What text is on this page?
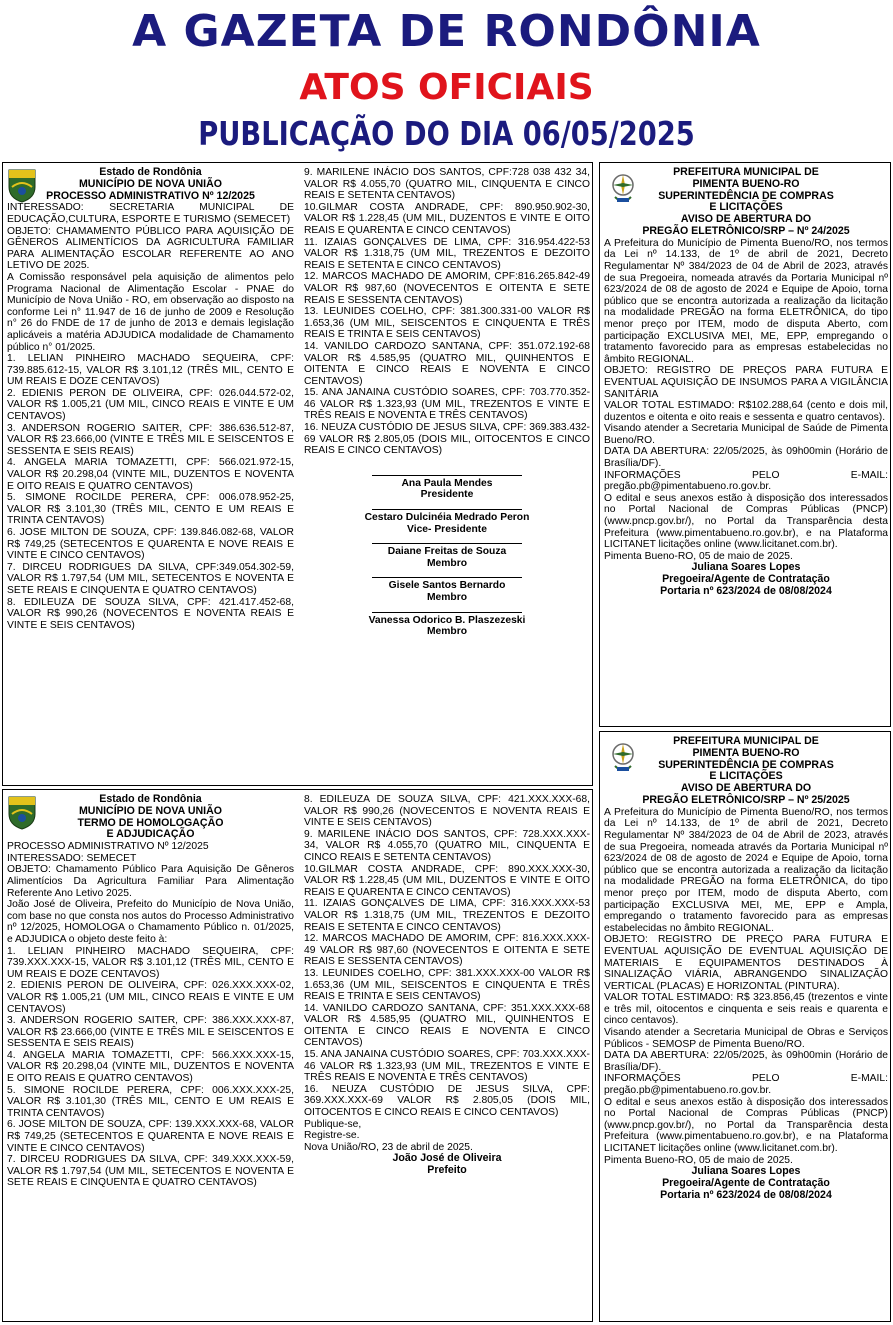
A GAZETA DE RONDÔNIA
ATOS OFICIAIS
PUBLICAÇÃO DO DIA 06/05/2025
Estado de Rondônia
MUNICÍPIO DE NOVA UNIÃO
PROCESSO ADMINISTRATIVO Nº 12/2025

INTERESSADO: SECRETARIA MUNICIPAL DE EDUCAÇÃO,CULTURA, ESPORTE E TURISMO (SEMECET)

OBJETO: CHAMAMENTO PÚBLICO PARA AQUISIÇÃO DE GÊNEROS ALIMENTÍCIOS DA AGRICULTURA FAMILIAR PARA ALIMENTAÇÃO ESCOLAR REFERENTE AO ANO LETIVO DE 2025.

A Comissão responsável pela aquisição de alimentos pelo Programa Nacional de Alimentação Escolar - PNAE do Município de Nova União - RO, em observação ao disposto na conforme Lei n° 11.947 de 16 de junho de 2009 e Resolução n° 26 do FNDE de 17 de junho de 2013 e demais legislação aplicáveis a matéria ADJUDICA modalidade de Chamamento público n° 01/2025.

1. LELIAN PINHEIRO MACHADO SEQUEIRA, CPF: 739.885.612-15, VALOR R$ 3.101,12 (TRÊS MIL, CENTO E UM REAIS E DOZE CENTAVOS)

2. EDIENIS PERON DE OLIVEIRA, CPF: 026.044.572-02, VALOR R$ 1.005,21 (UM MIL, CINCO REAIS E VINTE E UM CENTAVOS)

3. ANDERSON ROGERIO SAITER, CPF: 386.636.512-87, VALOR R$ 23.666,00 (VINTE E TRÊS MIL E SEISCENTOS E SESSENTA E SEIS REAIS)

4. ANGELA MARIA TOMAZETTI, CPF: 566.021.972-15, VALOR R$ 20.298,04 (VINTE MIL, DUZENTOS E NOVENTA E OITO REAIS E QUATRO CENTAVOS)

5. SIMONE ROCILDE PERERA, CPF: 006.078.952-25, VALOR R$ 3.101,30 (TRÊS MIL, CENTO E UM REAIS E TRINTA CENTAVOS)

6. JOSE MILTON DE SOUZA, CPF: 139.846.082-68, VALOR R$ 749,25 (SETECENTOS E QUARENTA E NOVE REAIS E VINTE E CINCO CENTAVOS)

7. DIRCEU RODRIGUES DA SILVA, CPF:349.054.302-59, VALOR R$ 1.797,54 (UM MIL, SETECENTOS E NOVENTA E SETE REAIS E CINQUENTA E QUATRO CENTAVOS)

8. EDILEUZA DE SOUZA SILVA, CPF: 421.417.452-68, VALOR R$ 990,26 (NOVECENTOS E NOVENTA REAIS E VINTE E SEIS CENTAVOS)

9. MARILENE INÁCIO DOS SANTOS, CPF:728 038 432 34, VALOR R$ 4.055,70 (QUATRO MIL, CINQUENTA E CINCO REAIS E SETENTA CENTAVOS)

10.GILMAR COSTA ANDRADE, CPF: 890.950.902-30, VALOR R$ 1.228,45 (UM MIL, DUZENTOS E VINTE E OITO REAIS E QUARENTA E CINCO CENTAVOS)

11. IZAIAS GONÇALVES DE LIMA, CPF: 316.954.422-53 VALOR R$ 1.318,75 (UM MIL, TREZENTOS E DEZOITO REAIS E SETENTA E CINCO CENTAVOS)

12. MARCOS MACHADO DE AMORIM, CPF:816.265.842-49 VALOR R$ 987,60 (NOVECENTOS E OITENTA E SETE REAIS E SESSENTA CENTAVOS)

13. LEUNIDES COELHO, CPF: 381.300.331-00 VALOR R$ 1.653,36 (UM MIL, SEISCENTOS E CINQUENTA E TRÊS REAIS E TRINTA E SEIS CENTAVOS)

14. VANILDO CARDOZO SANTANA, CPF: 351.072.192-68 VALOR R$ 4.585,95 (QUATRO MIL, QUINHENTOS E OITENTA E CINCO REAIS E NOVENTA E CINCO CENTAVOS)

15. ANA JANAINA CUSTÓDIO SOARES, CPF: 703.770.352-46 VALOR R$ 1.323,93 (UM MIL, TREZENTOS E VINTE E TRÊS REAIS E NOVENTA E TRÊS CENTAVOS)

16. NEUZA CUSTÓDIO DE JESUS SILVA, CPF: 369.383.432-69 VALOR R$ 2.805,05 (DOIS MIL, OITOCENTOS E CINCO REAIS E CINCO CENTAVOS)

Ana Paula Mendes
Presidente
Cestaro Dulcinéia Medrado Peron
Vice- Presidente
Daiane Freitas de Souza
Membro
Gisele Santos Bernardo
Membro
Vanessa Odorico B. Plaszezeski
Membro
Estado de Rondônia
MUNICÍPIO DE NOVA UNIÃO
TERMO DE HOMOLOGAÇÃO
E ADJUDICAÇÃO

PROCESSO ADMINISTRATIVO Nº 12/2025

INTERESSADO: SEMECET

OBJETO: Chamamento Público Para Aquisição De Gêneros Alimentícios Da Agricultura Familiar Para Alimentação Referente Ano Letivo 2025.

João José de Oliveira, Prefeito do Município de Nova União, com base no que consta nos autos do Processo Administrativo nº 12/2025, HOMOLOGA o Chamamento Público n. 01/2025, e ADJUDICA o objeto deste feito à:

1. LELIAN PINHEIRO MACHADO SEQUEIRA, CPF: 739.XXX.XXX-15, VALOR R$ 3.101,12 (TRÊS MIL, CENTO E UM REAIS E DOZE CENTAVOS)

2. EDIENIS PERON DE OLIVEIRA, CPF: 026.XXX.XXX-02, VALOR R$ 1.005,21 (UM MIL, CINCO REAIS E VINTE E UM CENTAVOS)

3. ANDERSON ROGERIO SAITER, CPF: 386.XXX.XXX-87, VALOR R$ 23.666,00 (VINTE E TRÊS MIL E SEISCENTOS E SESSENTA E SEIS REAIS)

4. ANGELA MARIA TOMAZETTI, CPF: 566.XXX.XXX-15, VALOR R$ 20.298,04 (VINTE MIL, DUZENTOS E NOVENTA E OITO REAIS E QUATRO CENTAVOS)

5. SIMONE ROCILDE PERERA, CPF: 006.XXX.XXX-25, VALOR R$ 3.101,30 (TRÊS MIL, CENTO E UM REAIS E TRINTA CENTAVOS)

6. JOSE MILTON DE SOUZA, CPF: 139.XXX.XXX-68, VALOR R$ 749,25 (SETECENTOS E QUARENTA E NOVE REAIS E VINTE E CINCO CENTAVOS)

7. DIRCEU RODRIGUES DA SILVA, CPF: 349.XXX.XXX-59, VALOR R$ 1.797,54 (UM MIL, SETECENTOS E NOVENTA E SETE REAIS E CINQUENTA E QUATRO CENTAVOS)

8. EDILEUZA DE SOUZA SILVA, CPF: 421.XXX.XXX-68, VALOR R$ 990,26 (NOVECENTOS E NOVENTA REAIS E VINTE E SEIS CENTAVOS)

9. MARILENE INÁCIO DOS SANTOS, CPF: 728.XXX.XXX-34, VALOR R$ 4.055,70 (QUATRO MIL, CINQUENTA E CINCO REAIS E SETENTA CENTAVOS)

10.GILMAR COSTA ANDRADE, CPF: 890.XXX.XXX-30, VALOR R$ 1.228,45 (UM MIL, DUZENTOS E VINTE E OITO REAIS E QUARENTA E CINCO CENTAVOS)

11. IZAIAS GONÇALVES DE LIMA, CPF: 316.XXX.XXX-53 VALOR R$ 1.318,75 (UM MIL, TREZENTOS E DEZOITO REAIS E SETENTA E CINCO CENTAVOS)

12. MARCOS MACHADO DE AMORIM, CPF: 816.XXX.XXX-49 VALOR R$ 987,60 (NOVECENTOS E OITENTA E SETE REAIS E SESSENTA CENTAVOS)

13. LEUNIDES COELHO, CPF: 381.XXX.XXX-00 VALOR R$ 1.653,36 (UM MIL, SEISCENTOS E CINQUENTA E TRÊS REAIS E TRINTA E SEIS CENTAVOS)

14. VANILDO CARDOZO SANTANA, CPF: 351.XXX.XXX-68 VALOR R$ 4.585,95 (QUATRO MIL, QUINHENTOS E OITENTA E CINCO REAIS E NOVENTA E CINCO CENTAVOS)

15. ANA JANAINA CUSTÓDIO SOARES, CPF: 703.XXX.XXX-46 VALOR R$ 1.323,93 (UM MIL, TREZENTOS E VINTE E TRÊS REAIS E NOVENTA E TRÊS CENTAVOS)

16. NEUZA CUSTÓDIO DE JESUS SILVA, CPF: 369.XXX.XXX-69 VALOR R$ 2.805,05 (DOIS MIL, OITOCENTOS E CINCO REAIS E CINCO CENTAVOS)

Publique-se,

Registre-se.

Nova União/RO, 23 de abril de 2025.

João José de Oliveira
Prefeito
PREFEITURA MUNICIPAL DE
PIMENTA BUENO-RO
SUPERINTEDÊNCIA DE COMPRAS
E LICITAÇÕES
AVISO DE ABERTURA DO
PREGÃO ELETRÔNICO/SRP – Nº 24/2025

A Prefeitura do Município de Pimenta Bueno/RO, nos termos da Lei nº 14.133, de 1º de abril de 2021, Decreto Regulamentar Nº 384/2023 de 04 de Abril de 2023, através de sua Pregoeira, nomeada através da Portaria Municipal nº 623/2024 de 08 de agosto de 2024 e Equipe de Apoio, torna público que se encontra autorizada a realização da licitação na modalidade PREGÃO na forma ELETRÔNICA, do tipo menor preço por ITEM, modo de disputa Aberto, com participação EXCLUSIVA MEI, ME, EPP, empregando o tratamento favorecido para as empresas estabelecidas no âmbito REGIONAL.

OBJETO: REGISTRO DE PREÇOS PARA FUTURA E EVENTUAL AQUISIÇÃO DE INSUMOS PARA A VIGILÂNCIA SANITÁRIA

VALOR TOTAL ESTIMADO: R$102.288,64 (cento e dois mil, duzentos e oitenta e oito reais e sessenta e quatro centavos).

Visando atender a Secretaria Municipal de Saúde de Pimenta Bueno/RO.

DATA DA ABERTURA: 22/05/2025, às 09h00min (Horário de Brasília/DF).

INFORMAÇÕES PELO E-MAIL: pregão.pb@pimentabueno.ro.gov.br.

O edital e seus anexos estão à disposição dos interessados no Portal Nacional de Compras Públicas (PNCP) (www.pncp.gov.br/), no Portal da Transparência desta Prefeitura (www.pimentabueno.ro.gov.br), e na Plataforma LICITANET licitações online (www.licitanet.com.br).

Pimenta Bueno-RO, 05 de maio de 2025.

Juliana Soares Lopes
Pregoeira/Agente de Contratação
Portaria nº 623/2024 de 08/08/2024
PREFEITURA MUNICIPAL DE
PIMENTA BUENO-RO
SUPERINTEDÊNCIA DE COMPRAS
E LICITAÇÕES
AVISO DE ABERTURA DO
PREGÃO ELETRÔNICO/SRP – Nº 25/2025

A Prefeitura do Município de Pimenta Bueno/RO, nos termos da Lei nº 14.133, de 1º de abril de 2021, Decreto Regulamentar Nº 384/2023 de 04 de Abril de 2023, através de sua Pregoeira, nomeada através da Portaria Municipal nº 623/2024 de 08 de agosto de 2024 e Equipe de Apoio, torna público que se encontra autorizada a realização da licitação na modalidade PREGÃO na forma ELETRÔNICA, do tipo menor preço por ITEM, modo de disputa Aberto, com participação EXCLUSIVA MEI, ME, EPP e Ampla, empregando o tratamento favorecido para as empresas estabelecidas no âmbito REGIONAL.

OBJETO: REGISTRO DE PREÇO PARA FUTURA E EVENTUAL AQUISIÇÃO DE EVENTUAL AQUISIÇÃO DE MATERIAIS E EQUIPAMENTOS DESTINADOS À SINALIZAÇÃO VIÁRIA, ABRANGENDO SINALIZAÇÃO VERTICAL (PLACAS) E HORIZONTAL (PINTURA).

VALOR TOTAL ESTIMADO: R$ 323.856,45 (trezentos e vinte e três mil, oitocentos e cinquenta e seis reais e quarenta e cinco centavos).

Visando atender a Secretaria Municipal de Obras e Serviços Públicos - SEMOSP de Pimenta Bueno/RO.

DATA DA ABERTURA: 22/05/2025, às 09h00min (Horário de Brasília/DF).

INFORMAÇÕES PELO E-MAIL: pregão.pb@pimentabueno.ro.gov.br.

O edital e seus anexos estão à disposição dos interessados no Portal Nacional de Compras Públicas (PNCP) (www.pncp.gov.br/), no Portal da Transparência desta Prefeitura (www.pimentabueno.ro.gov.br), e na Plataforma LICITANET licitações online (www.licitanet.com.br).

Pimenta Bueno-RO, 05 de maio de 2025.

Juliana Soares Lopes
Pregoeira/Agente de Contratação
Portaria nº 623/2024 de 08/08/2024
